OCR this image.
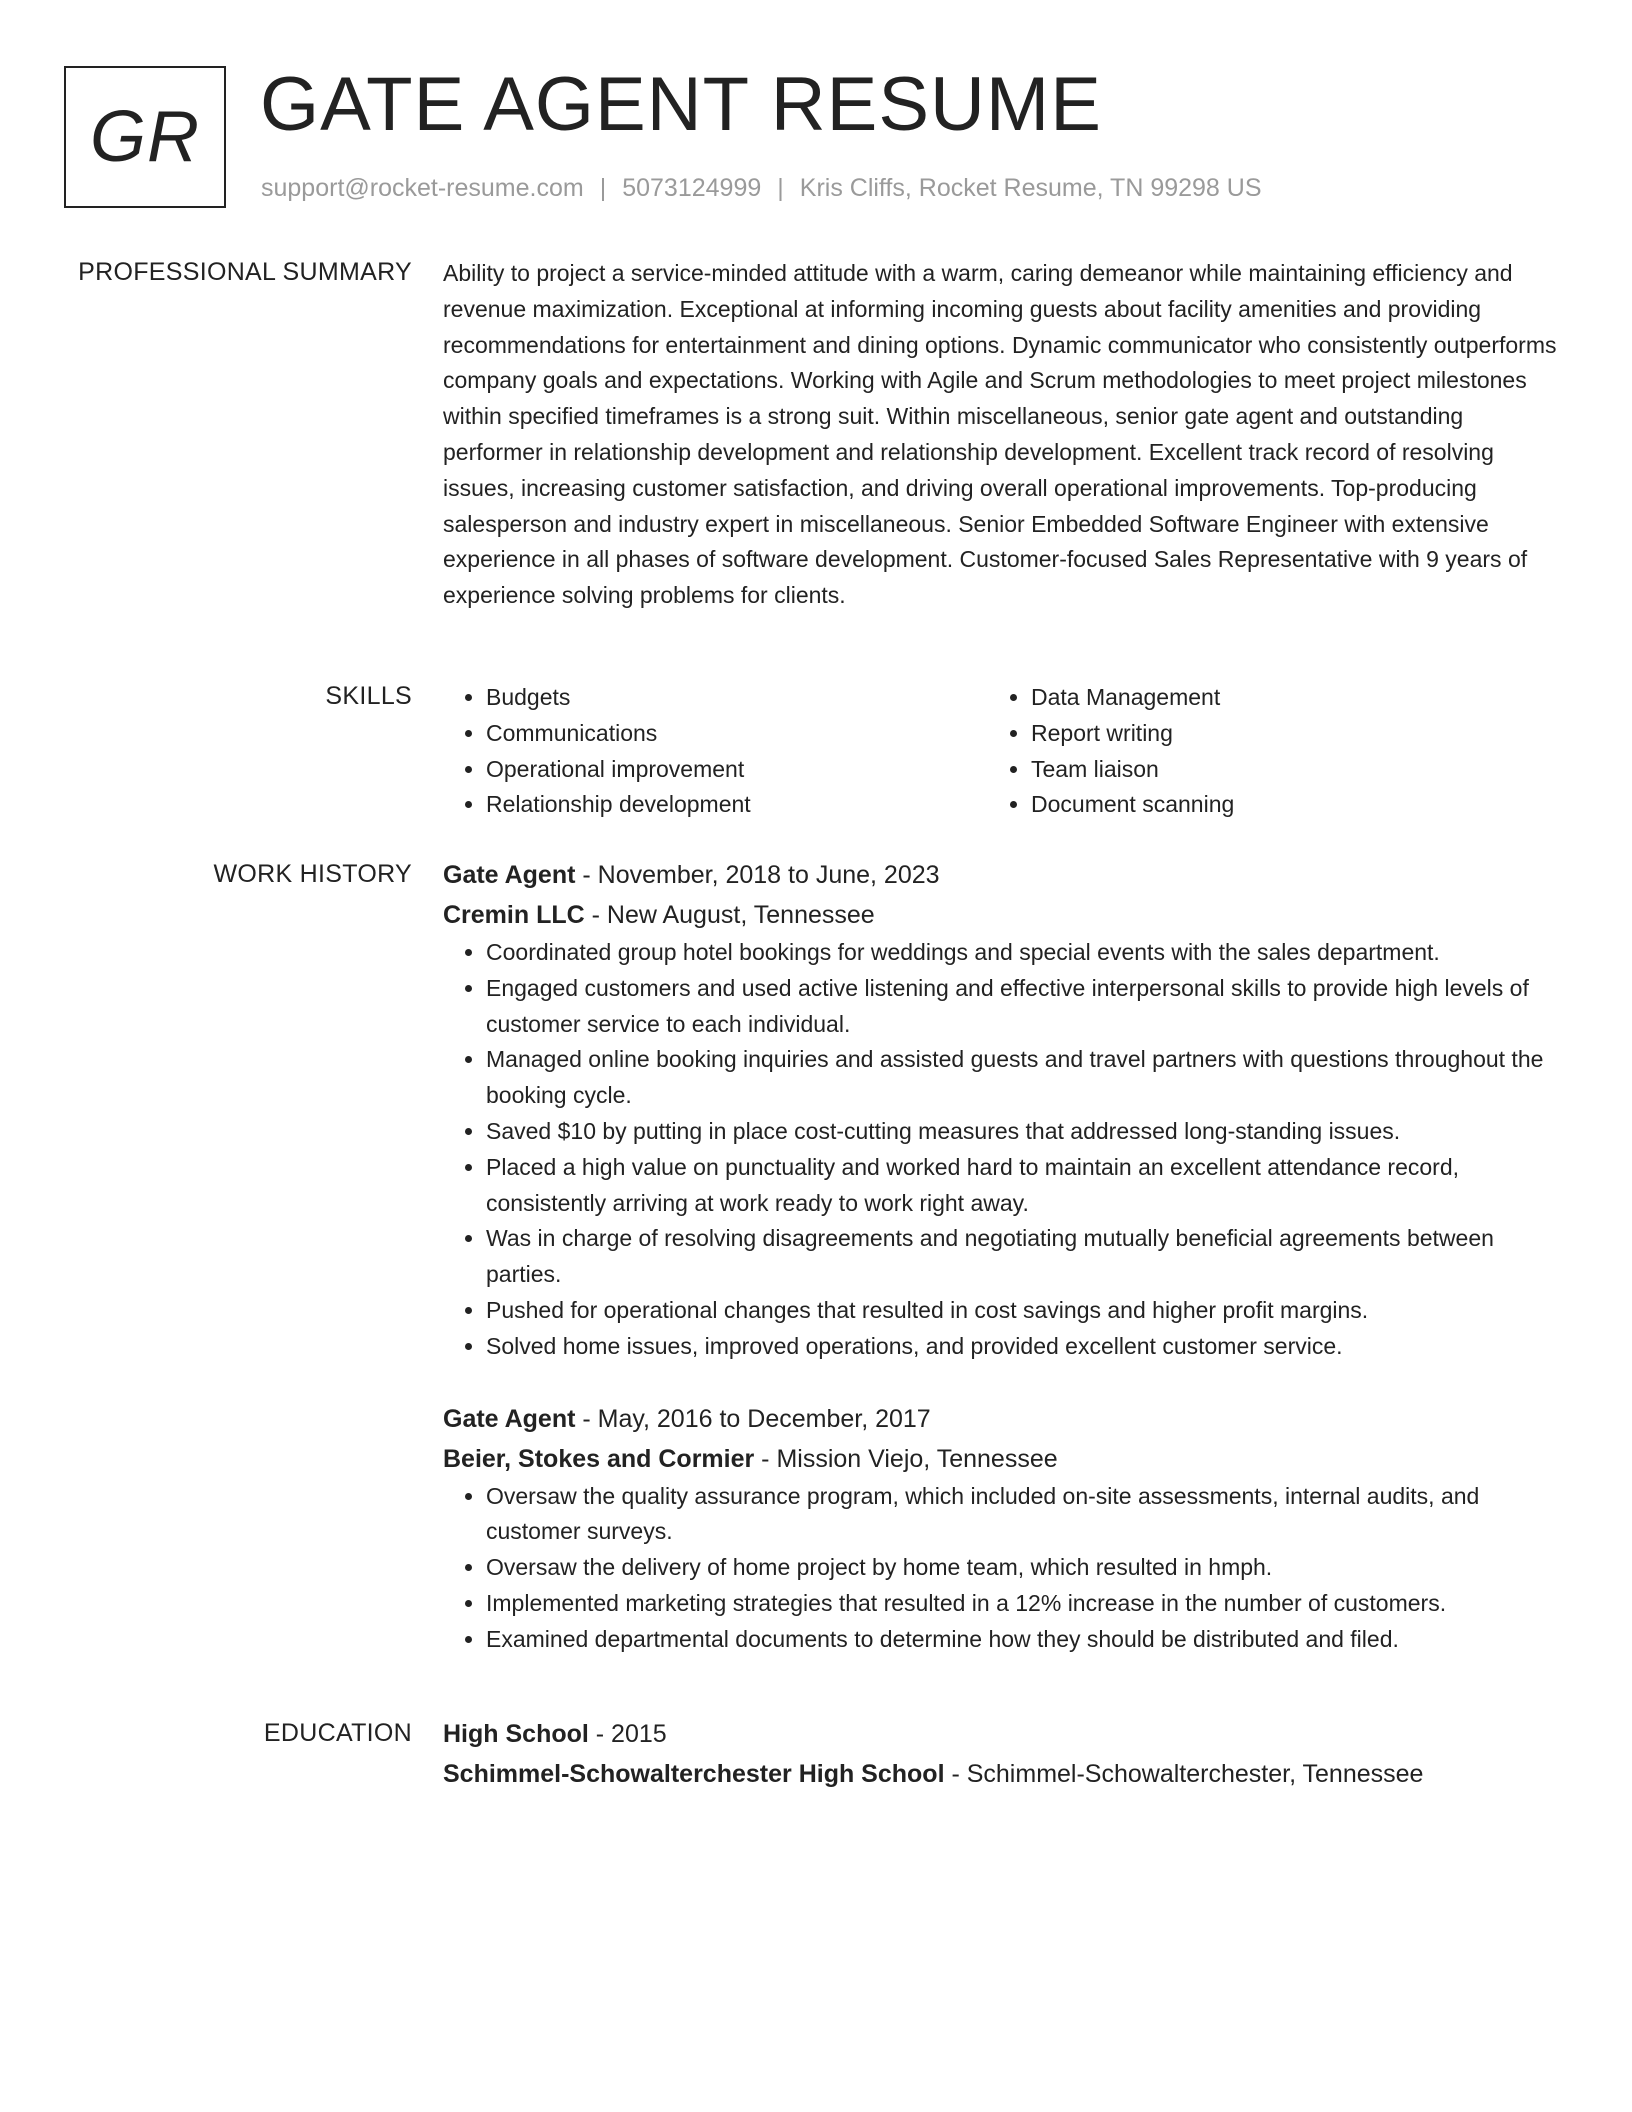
GR GATE AGENT RESUME
support@rocket-resume.com | 5073124999 | Kris Cliffs, Rocket Resume, TN 99298 US
PROFESSIONAL SUMMARY Ability to project a service-minded attitude with a warm, caring demeanor while maintaining efficiency and revenue maximization. Exceptional at informing incoming guests about facility amenities and providing recommendations for entertainment and dining options. Dynamic communicator who consistently outperforms company goals and expectations. Working with Agile and Scrum methodologies to meet project milestones within specified timeframes is a strong suit. Within miscellaneous, senior gate agent and outstanding performer in relationship development and relationship development. Excellent track record of resolving issues, increasing customer satisfaction, and driving overall operational improvements. Top-producing salesperson and industry expert in miscellaneous. Senior Embedded Software Engineer with extensive experience in all phases of software development. Customer-focused Sales Representative with 9 years of experience solving problems for clients.

SKILLS
•	Budgets
• Communications
• Operational improvement
• Relationship development
• Data Management
• Report writing
• Team liaison
• Document scanning
WORK HISTORY Gate Agent - November, 2018 to June, 2023
Cremin LLC - New August, Tennessee
• Coordinated group hotel bookings for weddings and special events with the sales department.
• Engaged customers and used active listening and effective interpersonal skills to provide high levels of customer service to each individual.
• Managed online booking inquiries and assisted guests and travel partners with questions throughout the booking cycle.
• Saved $10 by putting in place cost-cutting measures that addressed long-standing issues.
• Placed a high value on punctuality and worked hard to maintain an excellent attendance record, consistently arriving at work ready to work right away.
• Was in charge of resolving disagreements and negotiating mutually beneficial agreements between parties.
• Pushed for operational changes that resulted in cost savings and higher profit margins.
• Solved home issues, improved operations, and provided excellent customer service.
Gate Agent - May, 2016 to December, 2017
Beier, Stokes and Cormier - Mission Viejo, Tennessee
• Oversaw the quality assurance program, which included on-site assessments, internal audits, and customer surveys.
• Oversaw the delivery of home project by home team, which resulted in hmph.
• Implemented marketing strategies that resulted in a 12% increase in the number of customers.
• Examined departmental documents to determine how they should be distributed and filed.
EDUCATION High School - 2015
Schimmel-Schowalterchester High School - Schimmel-Schowalterchester, Tennessee
